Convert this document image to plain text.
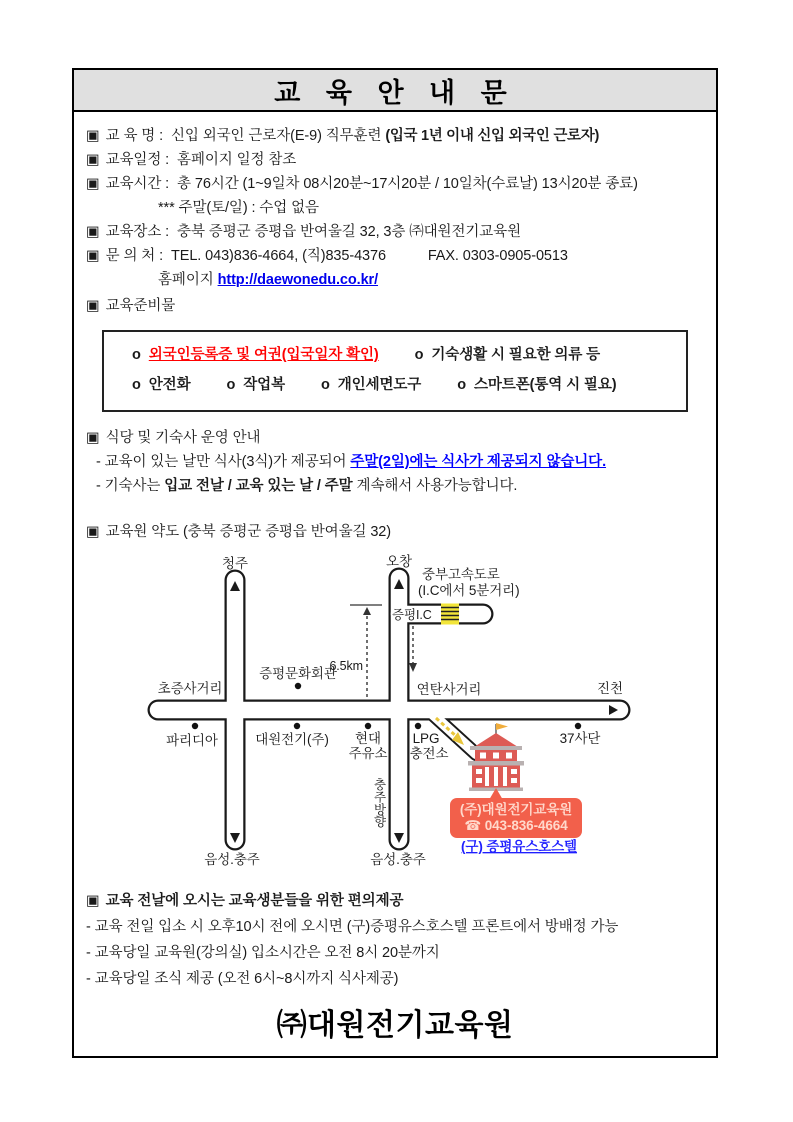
교 육 안 내 문
▣ 교 육 명 : 신입 외국인 근로자(E-9) 직무훈련 (입국 1년 이내 신입 외국인 근로자)
▣ 교육일정 : 홈페이지 일정 참조
▣ 교육시간 : 총 76시간 (1~9일차 08시20분~17시20분 / 10일차(수료날) 13시20분 종료)
*** 주말(토/일) : 수업 없음
▣ 교육장소 : 충북 증평군 증평읍 반여울길 32, 3층 ㈜대원전기교육원
▣ 문 의 처 : TEL. 043)836-4664, (직)835-4376	FAX. 0303-0905-0513
홈페이지 http://daewonedu.co.kr/
▣ 교육준비물
o 외국인등록증 및 여권(입국일자 확인) o 기숙생활 시 필요한 의류 등
o 안전화 o 작업복 o 개인세면도구 o 스마트폰(통역 시 필요)
▣ 식당 및 기숙사 운영 안내
- 교육이 있는 날만 식사(3식)가 제공되어 주말(2일)에는 식사가 제공되지 않습니다.
- 기숙사는 입교 전날 / 교육 있는 날 / 주말 계속해서 사용가능합니다.
▣ 교육원 약도 (충북 증평군 증평읍 반여울길 32)
(주)대원전기교육원
☎ 043-836-4664
(구) 증평유스호스텔
청주	오창
중부고속도로
(I.C에서 5분거리)
증평I.C
6.5km
증평문화회관
초증사거리	연탄사거리	진천
파리디아	대원전기(주) 현대
주유소
LPG
충전소
37사단
충주방향
음성.충주	음성.충주
▣ 교육 전날에 오시는 교육생분들을 위한 편의제공
- 교육 전일 입소 시 오후10시 전에 오시면 (구)증평유스호스텔 프론트에서 방배정 가능
- 교육당일 교육원(강의실) 입소시간은 오전 8시 20분까지
- 교육당일 조식 제공 (오전 6시~8시까지 식사제공)
㈜대원전기교육원
